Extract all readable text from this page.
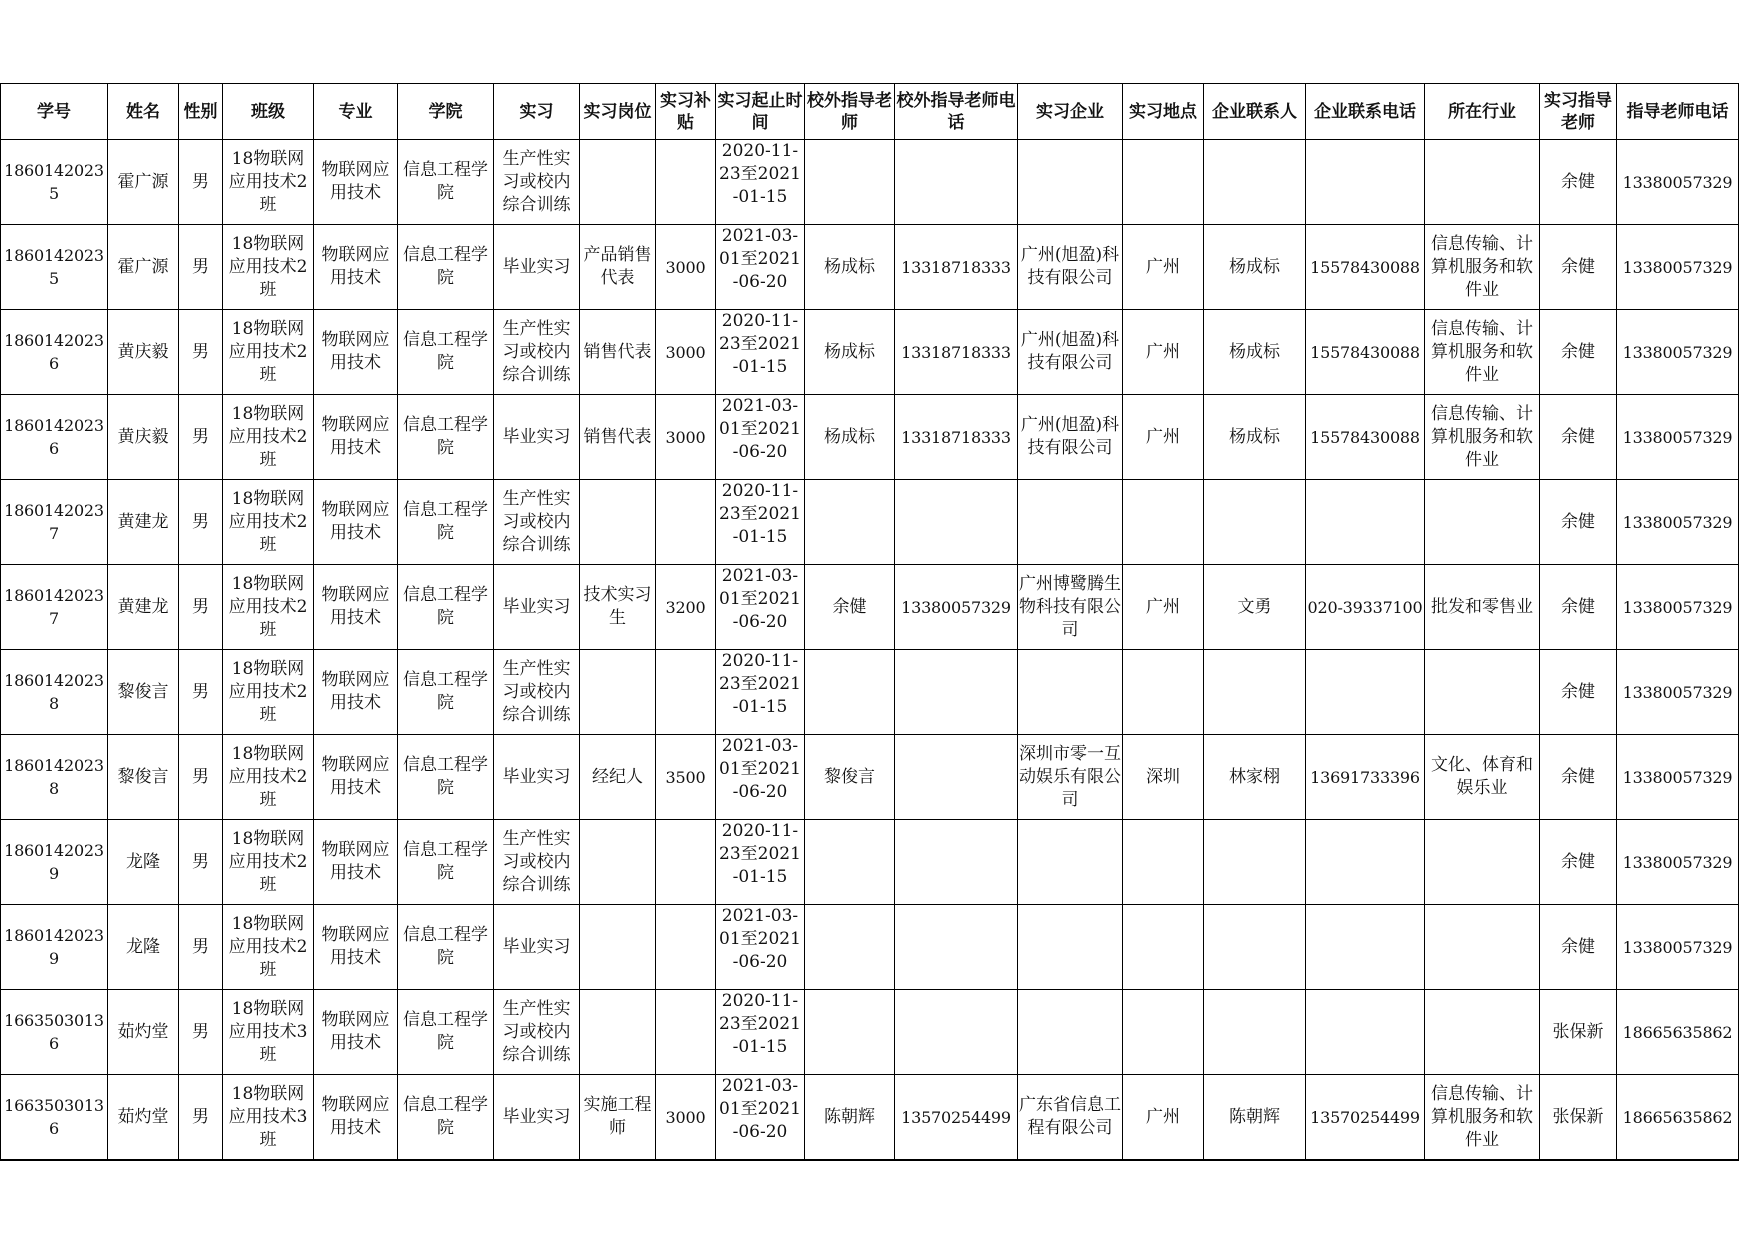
学号	姓名	性别	班级	专业	学院	实习	实习岗位	实习补贴	实习起止时间	校外指导老师	校外指导老师电话	实习企业	实习地点	企业联系人	企业联系电话	所在行业	实习指导老师	指导老师电话
18601420235	霍广源	男	18物联网应用技术2班	物联网应用技术	信息工程学院	生产性实习或校内综合训练			2020-11-23至2021-01-15								余健	13380057329
18601420235	霍广源	男	18物联网应用技术2班	物联网应用技术	信息工程学院	毕业实习	产品销售代表	3000	2021-03-01至2021-06-20	杨成标	13318718333	广州(旭盈)科技有限公司	广州	杨成标	15578430088	信息传输、计算机服务和软件业	余健	13380057329
18601420236	黄庆毅	男	18物联网应用技术2班	物联网应用技术	信息工程学院	生产性实习或校内综合训练	销售代表	3000	2020-11-23至2021-01-15	杨成标	13318718333	广州(旭盈)科技有限公司	广州	杨成标	15578430088	信息传输、计算机服务和软件业	余健	13380057329
18601420236	黄庆毅	男	18物联网应用技术2班	物联网应用技术	信息工程学院	毕业实习	销售代表	3000	2021-03-01至2021-06-20	杨成标	13318718333	广州(旭盈)科技有限公司	广州	杨成标	15578430088	信息传输、计算机服务和软件业	余健	13380057329
18601420237	黄建龙	男	18物联网应用技术2班	物联网应用技术	信息工程学院	生产性实习或校内综合训练			2020-11-23至2021-01-15								余健	13380057329
18601420237	黄建龙	男	18物联网应用技术2班	物联网应用技术	信息工程学院	毕业实习	技术实习生	3200	2021-03-01至2021-06-20	余健	13380057329	广州博鹭腾生物科技有限公司	广州	文勇	020-39337100	批发和零售业	余健	13380057329
18601420238	黎俊言	男	18物联网应用技术2班	物联网应用技术	信息工程学院	生产性实习或校内综合训练			2020-11-23至2021-01-15								余健	13380057329
18601420238	黎俊言	男	18物联网应用技术2班	物联网应用技术	信息工程学院	毕业实习	经纪人	3500	2021-03-01至2021-06-20	黎俊言		深圳市零一互动娱乐有限公司	深圳	林家栩	13691733396	文化、体育和娱乐业	余健	13380057329
18601420239	龙隆	男	18物联网应用技术2班	物联网应用技术	信息工程学院	生产性实习或校内综合训练			2020-11-23至2021-01-15								余健	13380057329
18601420239	龙隆	男	18物联网应用技术2班	物联网应用技术	信息工程学院	毕业实习			2021-03-01至2021-06-20								余健	13380057329
16635030136	茹灼堂	男	18物联网应用技术3班	物联网应用技术	信息工程学院	生产性实习或校内综合训练			2020-11-23至2021-01-15								张保新	18665635862
16635030136	茹灼堂	男	18物联网应用技术3班	物联网应用技术	信息工程学院	毕业实习	实施工程师	3000	2021-03-01至2021-06-20	陈朝辉	13570254499	广东省信息工程有限公司	广州	陈朝辉	13570254499	信息传输、计算机服务和软件业	张保新	18665635862
